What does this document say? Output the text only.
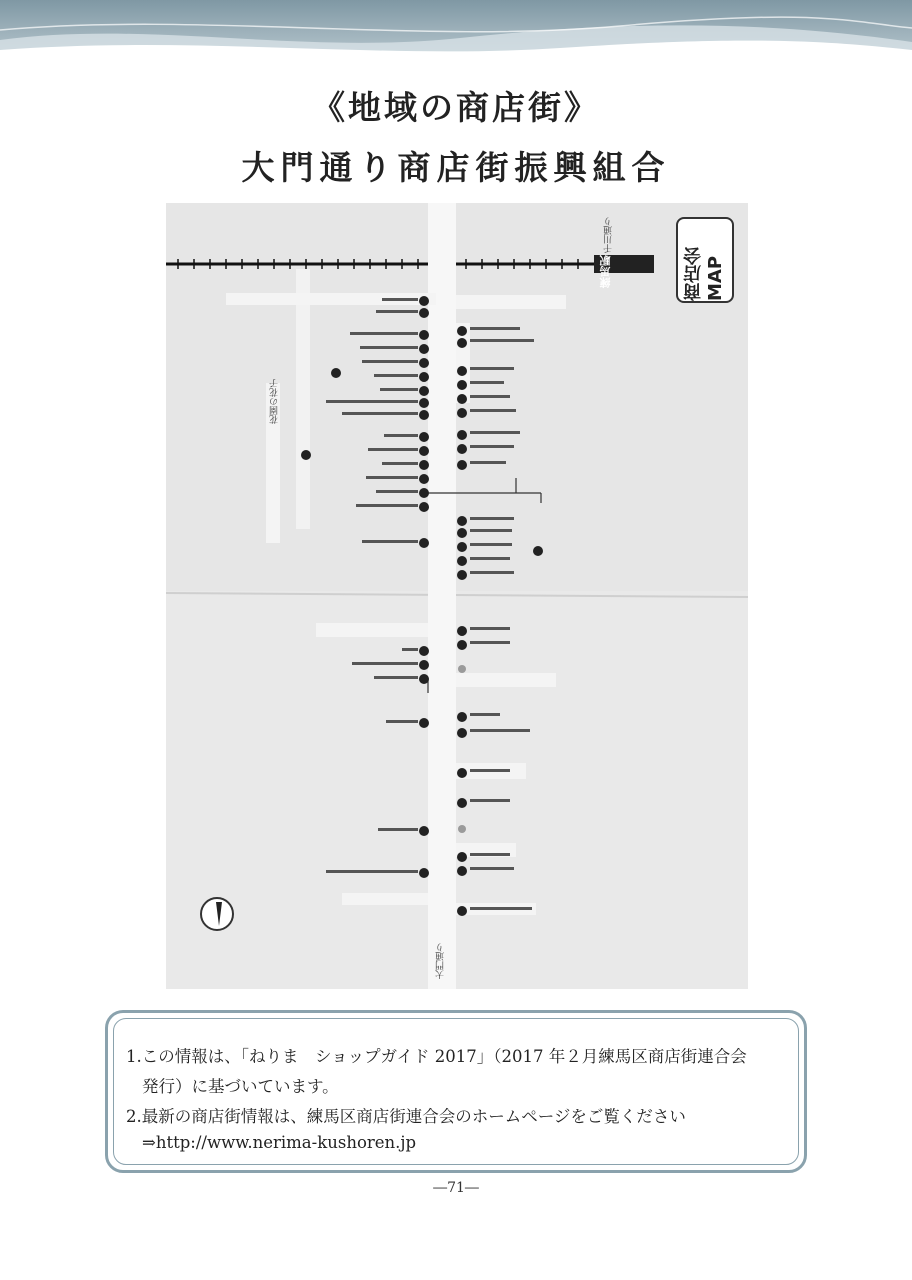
《地域の商店街》
大門通り商店街振興組合
商店会MAP
練馬駅
千川通り
大門通り
花園の花子
1.この情報は、「ねりま　ショップガイド 2017」（2017 年２月練馬区商店街連合会
発行）に基づいています。
2.最新の商店街情報は、練馬区商店街連合会のホームページをご覧ください
⇒http://www.nerima-kushoren.jp
―71―
